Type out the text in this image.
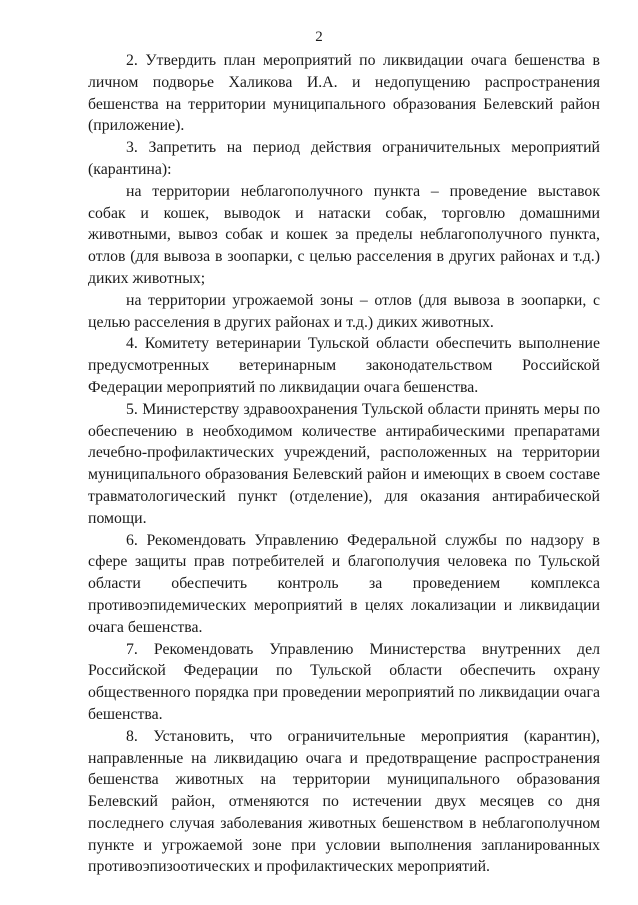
2

2. Утвердить план мероприятий по ликвидации очага бешенства в личном подворье Халикова И.А. и недопущению распространения бешенства на территории муниципального образования Белевский район (приложение).

3. Запретить на период действия ограничительных мероприятий (карантина):

на территории неблагополучного пункта – проведение выставок собак и кошек, выводок и натаски собак, торговлю домашними животными, вывоз собак и кошек за пределы неблагополучного пункта, отлов (для вывоза в зоопарки, с целью расселения в других районах и т.д.) диких животных;

на территории угрожаемой зоны – отлов (для вывоза в зоопарки, с целью расселения в других районах и т.д.) диких животных.

4. Комитету ветеринарии Тульской области обеспечить выполнение предусмотренных ветеринарным законодательством Российской Федерации мероприятий по ликвидации очага бешенства.

5. Министерству здравоохранения Тульской области принять меры по обеспечению в необходимом количестве антирабическими препаратами лечебно-профилактических учреждений, расположенных на территории муниципального образования Белевский район и имеющих в своем составе травматологический пункт (отделение), для оказания антирабической помощи.

6. Рекомендовать Управлению Федеральной службы по надзору в сфере защиты прав потребителей и благополучия человека по Тульской области обеспечить контроль за проведением комплекса противоэпидемических мероприятий в целях локализации и ликвидации очага бешенства.

7. Рекомендовать Управлению Министерства внутренних дел Российской Федерации по Тульской области обеспечить охрану общественного порядка при проведении мероприятий по ликвидации очага бешенства.

8. Установить, что ограничительные мероприятия (карантин), направленные на ликвидацию очага и предотвращение распространения бешенства животных на территории муниципального образования Белевский район, отменяются по истечении двух месяцев со дня последнего случая заболевания животных бешенством в неблагополучном пункте и угрожаемой зоне при условии выполнения запланированных противоэпизоотических и профилактических мероприятий.
